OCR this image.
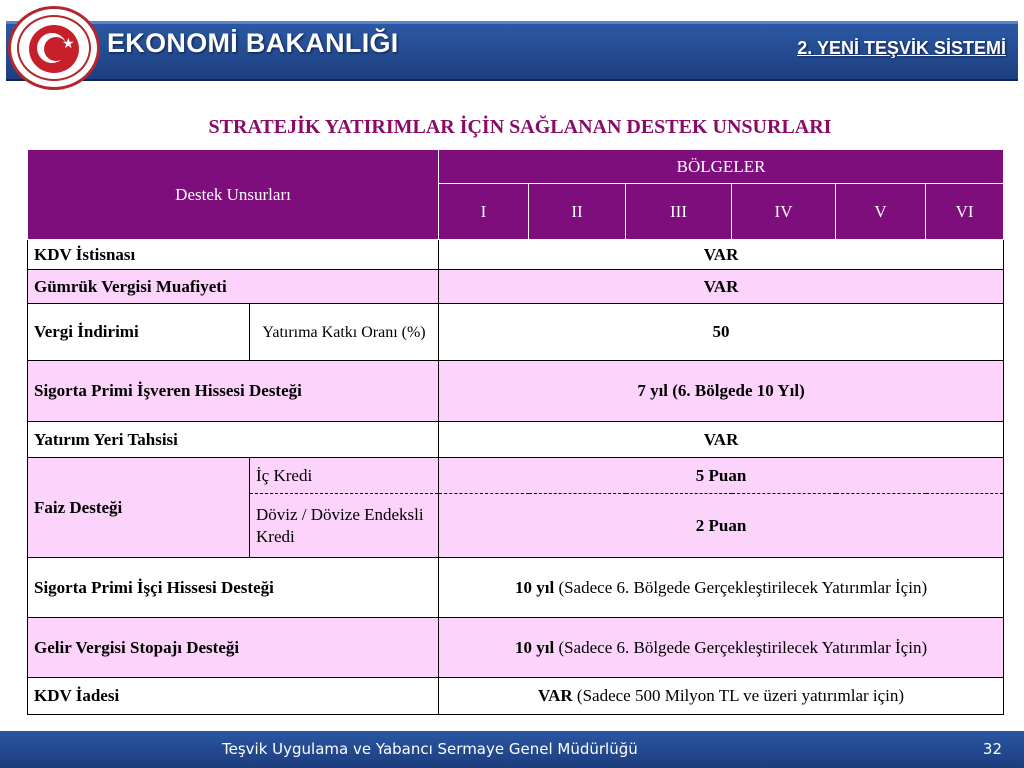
★ EKONOMİ BAKANLIĞI	2. YENİ TEŞVİK SİSTEMİ
STRATEJİK YATIRIMLAR İÇİN SAĞLANAN DESTEK UNSURLARI
Destek Unsurları		BÖLGELER					
		I	II	III	IV	V	VI
KDV İstisnası		VAR					
Gümrük Vergisi Muafiyeti		VAR					
Vergi İndirimi	Yatırıma Katkı Oranı (%)	50					
Sigorta Primi İşveren Hissesi Desteği		7 yıl (6. Bölgede 10 Yıl)					
Yatırım Yeri Tahsisi		VAR					
Faiz Desteği	İç Kredi	5 Puan					
	Döviz / Dövize Endeksli Kredi	2 Puan					
Sigorta Primi İşçi Hissesi Desteği		10 yıl (Sadece 6. Bölgede Gerçekleştirilecek Yatırımlar İçin)					
Gelir Vergisi Stopajı Desteği		10 yıl (Sadece 6. Bölgede Gerçekleştirilecek Yatırımlar İçin)					
KDV İadesi		VAR (Sadece 500 Milyon TL ve üzeri yatırımlar için)					
Teşvik Uygulama ve Yabancı Sermaye Genel Müdürlüğü	32
